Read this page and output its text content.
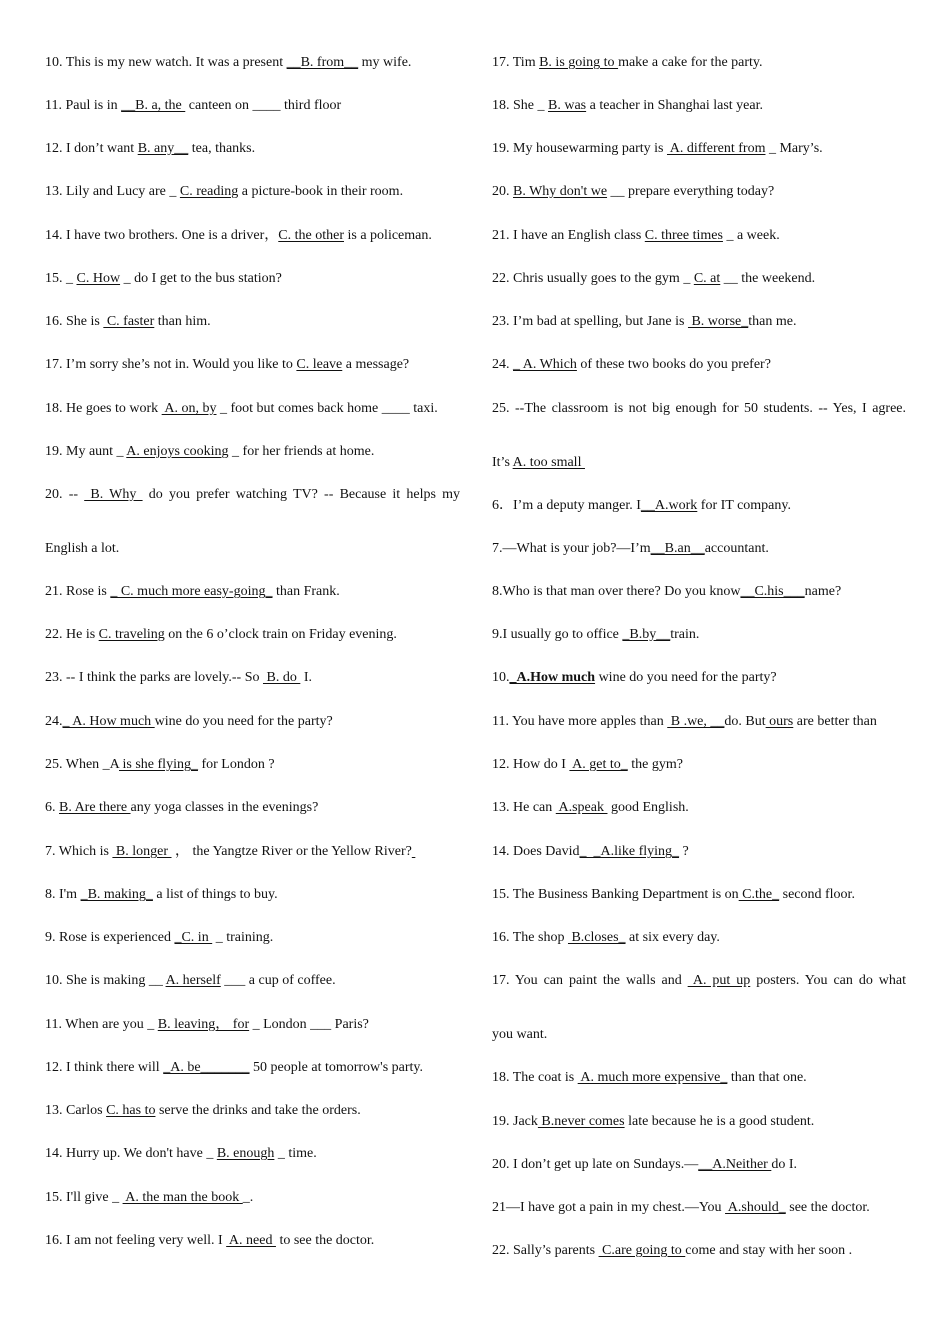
10. This is my new watch. It was a present __B. from__ my wife.
11. Paul is in __B. a, the  canteen on ____ third floor
12. I don’t want B. any__ tea, thanks.
13. Lily and Lucy are _ C. reading a picture-book in their room.
14. I have two brothers. One is a driver，C. the other is a policeman.
15. _ C. How _ do I get to the bus station?
16. She is  C. faster than him.
17. I’m sorry she’s not in. Would you like to C. leave a message?
18. He goes to work  A. on, by _ foot but comes back home ____ taxi.
19. My aunt _ A. enjoys cooking _ for her friends at home.
20. --  B. Why  do you prefer watching TV? -- Because it helps my
English a lot.
21. Rose is _ C. much more easy-going_ than Frank.
22. He is C. traveling on the 6 o’clock train on Friday evening.
23. -- I think the parks are lovely.-- So  B. do  I.
24._ A. How much wine do you need for the party?
25. When _A is she flying_ for London ?
6. B. Are there any yoga classes in the evenings?
7. Which is  B. longer  ， the Yangtze River or the Yellow River?
8. I'm _B. making_ a list of things to buy.
9. Rose is experienced _C. in  _ training.
10. She is making __ A. herself ___ a cup of coffee.
11. When are you _ B. leaving， for _ London ___ Paris?
12. I think there will _A. be_______ 50 people at tomorrow's party.
13. Carlos C. has to serve the drinks and take the orders.
14. Hurry up. We don't have _ B. enough _ time.
15. I'll give _  A. the man the book _.
16. I am not feeling very well. I  A. need  to see the doctor.
17. Tim B. is going to make a cake for the party.
18. She _ B. was a teacher in Shanghai last year.
19. My housewarming party is  A. different from _ Mary’s.
20. B. Why don't we __ prepare everything today?
21. I have an English class C. three times _ a week.
22. Chris usually goes to the gym _ C. at __ the weekend.
23. I’m bad at spelling, but Jane is  B. worse_than me.
24. _ A. Which of these two books do you prefer?
25. --The classroom is not big enough for 50 students. -- Yes, I agree.
It’s A. too small
6．I’m a deputy manger. I__A.work for IT company.
7.—What is your job?—I’m__B.an__accountant.
8.Who is that man over there? Do you know__C.his___name?
9.I usually go to office _B.by__train.
10._A.How much wine do you need for the party?
11. You have more apples than  B .we, __do. But ours are better than
12. How do I  A. get to_ the gym?
13. He can  A.speak  good English.
14. Does David_  _A.like flying_ ?
15. The Business Banking Department is on C.the_ second floor.
16. The shop  B.closes_ at six every day.
17. You can paint the walls and  A. put up posters. You can do what
you want.
18. The coat is  A. much more expensive_ than that one.
19. Jack B.never comes late because he is a good student.
20. I don’t get up late on Sundays.—__A.Neither do I.
21—I have got a pain in my chest.—You  A.should_ see the doctor.
22. Sally’s parents  C.are going to come and stay with her soon .
